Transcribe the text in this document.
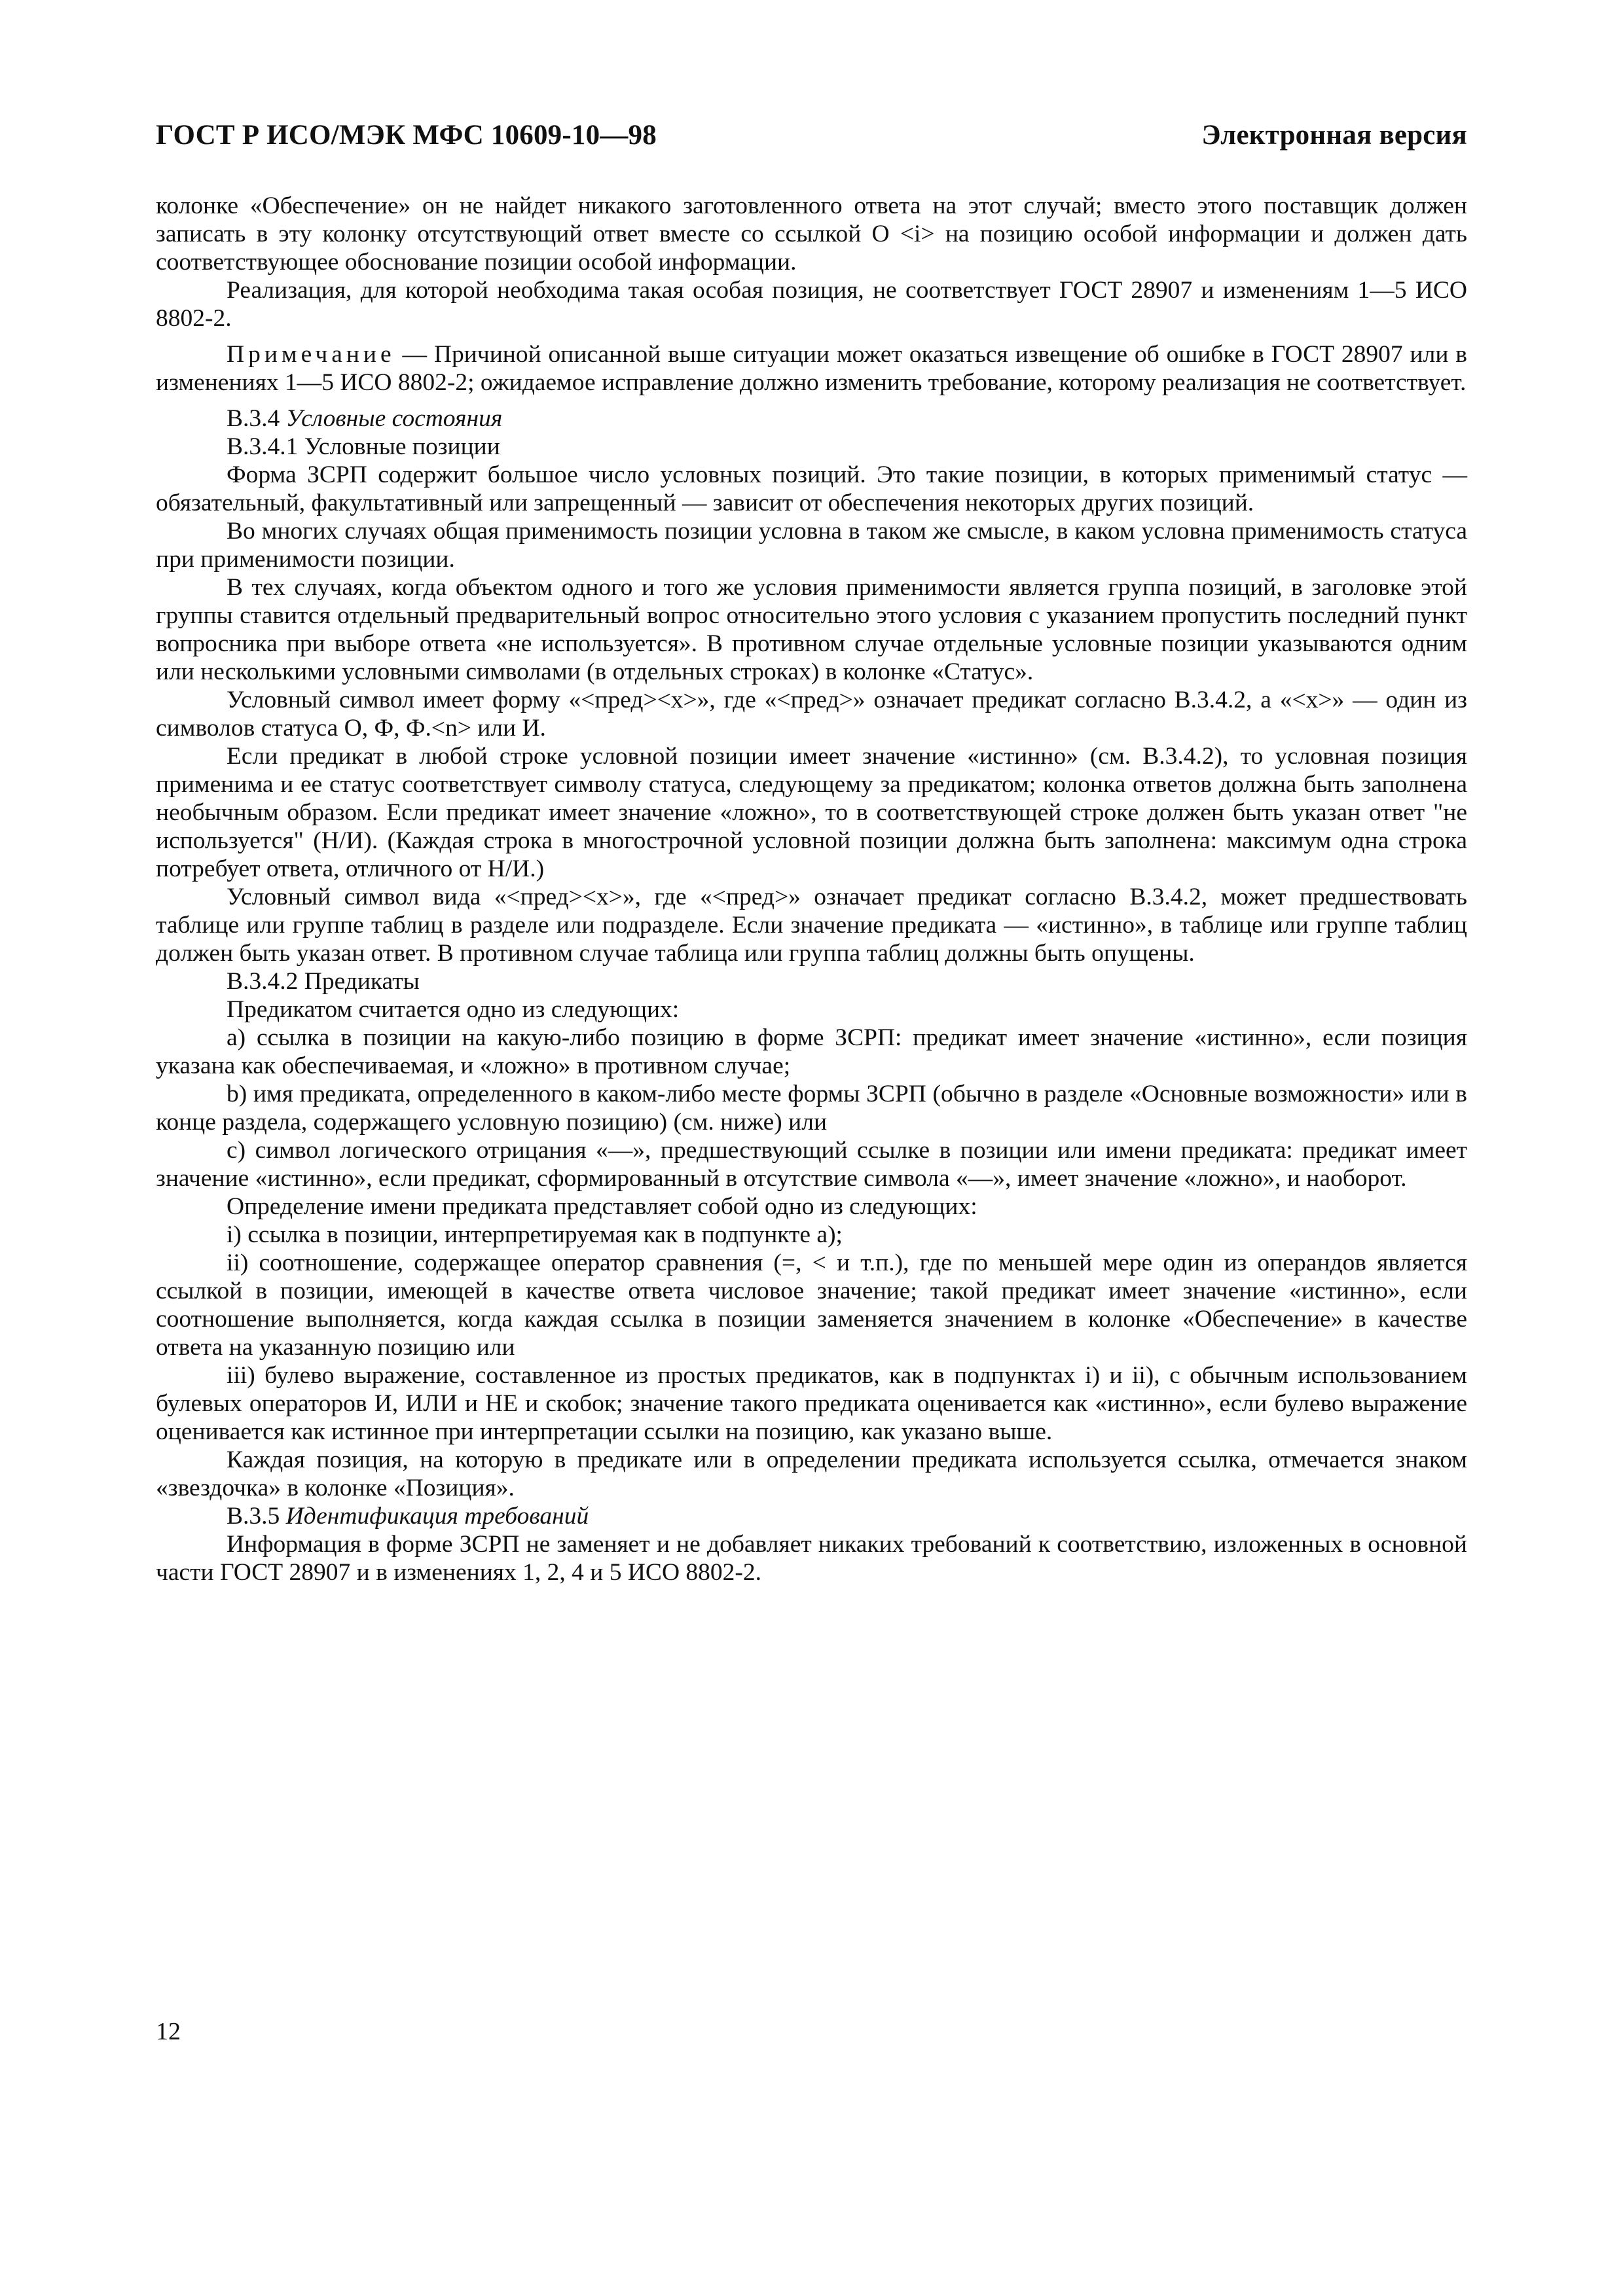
ГОСТ Р ИСО/МЭК МФС 10609-10—98	Электронная версия

колонке «Обеспечение» он не найдет никакого заготовленного ответа на этот случай; вместо этого поставщик должен записать в эту колонку отсутствующий ответ вместе со ссылкой О <i> на позицию особой информации и должен дать соответствующее обоснование позиции особой информации.

Реализация, для которой необходима такая особая позиция, не соответствует ГОСТ 28907 и изменениям 1—5 ИСО 8802-2.

Примечание — Причиной описанной выше ситуации может оказаться извещение об ошибке в ГОСТ 28907 или в изменениях 1—5 ИСО 8802-2; ожидаемое исправление должно изменить требование, которому реализация не соответствует.

B.3.4 Условные состояния

B.3.4.1 Условные позиции

Форма ЗСРП содержит большое число условных позиций. Это такие позиции, в которых применимый статус — обязательный, факультативный или запрещенный — зависит от обеспечения некоторых других позиций.

Во многих случаях общая применимость позиции условна в таком же смысле, в каком условна применимость статуса при применимости позиции.

В тех случаях, когда объектом одного и того же условия применимости является группа позиций, в заголовке этой группы ставится отдельный предварительный вопрос относительно этого условия с указанием пропустить последний пункт вопросника при выборе ответа «не используется». В противном случае отдельные условные позиции указываются одним или несколькими условными символами (в отдельных строках) в колонке «Статус».

Условный символ имеет форму «<пред><x>», где «<пред>» означает предикат согласно В.3.4.2, а «<x>» — один из символов статуса О, Ф, Ф.<n> или И.

Если предикат в любой строке условной позиции имеет значение «истинно» (см. В.3.4.2), то условная позиция применима и ее статус соответствует символу статуса, следующему за предикатом; колонка ответов должна быть заполнена необычным образом. Если предикат имеет значение «ложно», то в соответствующей строке должен быть указан ответ "не используется" (Н/И). (Каждая строка в многострочной условной позиции должна быть заполнена: максимум одна строка потребует ответа, отличного от Н/И.)

Условный символ вида «<пред><x>», где «<пред>» означает предикат согласно В.3.4.2, может предшествовать таблице или группе таблиц в разделе или подразделе. Если значение предиката — «истинно», в таблице или группе таблиц должен быть указан ответ. В противном случае таблица или группа таблиц должны быть опущены.

B.3.4.2 Предикаты

Предикатом считается одно из следующих:

a) ссылка в позиции на какую-либо позицию в форме ЗСРП: предикат имеет значение «истинно», если позиция указана как обеспечиваемая, и «ложно» в противном случае;

b) имя предиката, определенного в каком-либо месте формы ЗСРП (обычно в разделе «Основные возможности» или в конце раздела, содержащего условную позицию) (см. ниже) или

c) символ логического отрицания «—», предшествующий ссылке в позиции или имени предиката: предикат имеет значение «истинно», если предикат, сформированный в отсутствие символа «—», имеет значение «ложно», и наоборот.

Определение имени предиката представляет собой одно из следующих:

i) ссылка в позиции, интерпретируемая как в подпункте а);

ii) соотношение, содержащее оператор сравнения (=, < и т.п.), где по меньшей мере один из операндов является ссылкой в позиции, имеющей в качестве ответа числовое значение; такой предикат имеет значение «истинно», если соотношение выполняется, когда каждая ссылка в позиции заменяется значением в колонке «Обеспечение» в качестве ответа на указанную позицию или

iii) булево выражение, составленное из простых предикатов, как в подпунктах i) и ii), с обычным использованием булевых операторов И, ИЛИ и НЕ и скобок; значение такого предиката оценивается как «истинно», если булево выражение оценивается как истинное при интерпретации ссылки на позицию, как указано выше.

Каждая позиция, на которую в предикате или в определении предиката используется ссылка, отмечается знаком «звездочка» в колонке «Позиция».

B.3.5 Идентификация требований

Информация в форме ЗСРП не заменяет и не добавляет никаких требований к соответствию, изложенных в основной части ГОСТ 28907 и в изменениях 1, 2, 4 и 5 ИСО 8802-2.

12
